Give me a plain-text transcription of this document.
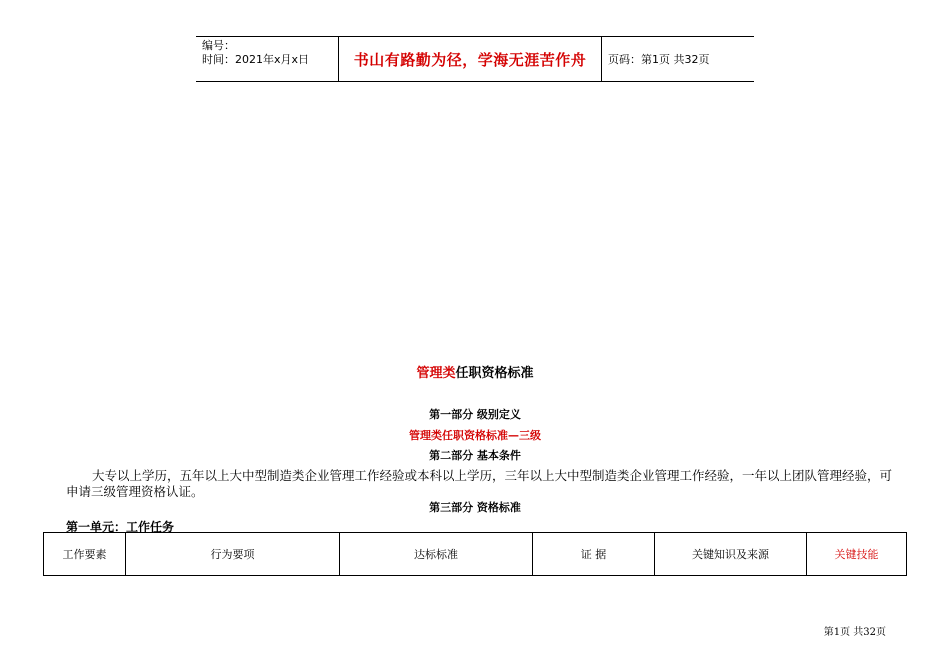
编号：
时间：2021年x月x日	书山有路勤为径，学海无涯苦作舟	页码：第1页 共32页
管理类任职资格标准
第一部分 级别定义
管理类任职资格标准—三级
第二部分 基本条件
大专以上学历，五年以上大中型制造类企业管理工作经验或本科以上学历，三年以上大中型制造类企业管理工作经验，一年以上团队管理经验，可申请三级管理资格认证。
第三部分 资格标准
第一单元：工作任务
工作要素	行为要项	达标标准	证 据	关键知识及来源	关键技能
第1页 共32页
